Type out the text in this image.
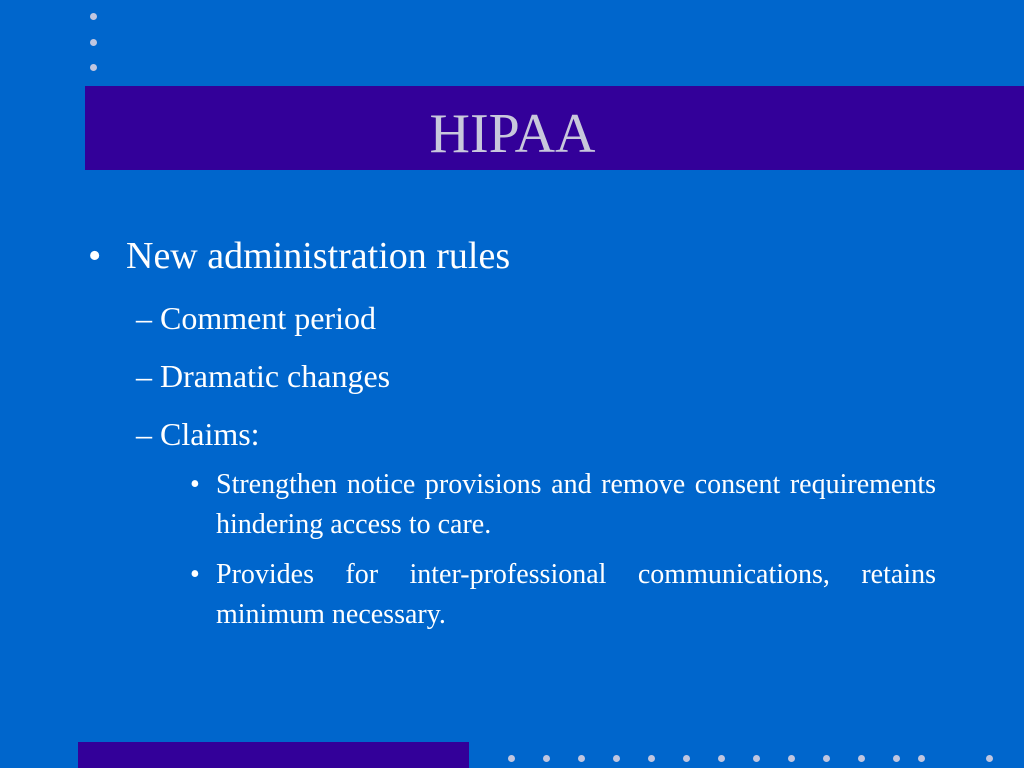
HIPAA
• New administration rules
– Comment period
– Dramatic changes
– Claims:
• Strengthen notice provisions and remove consent requirements hindering access to care.
• Provides for inter-professional communications, retains minimum necessary.
